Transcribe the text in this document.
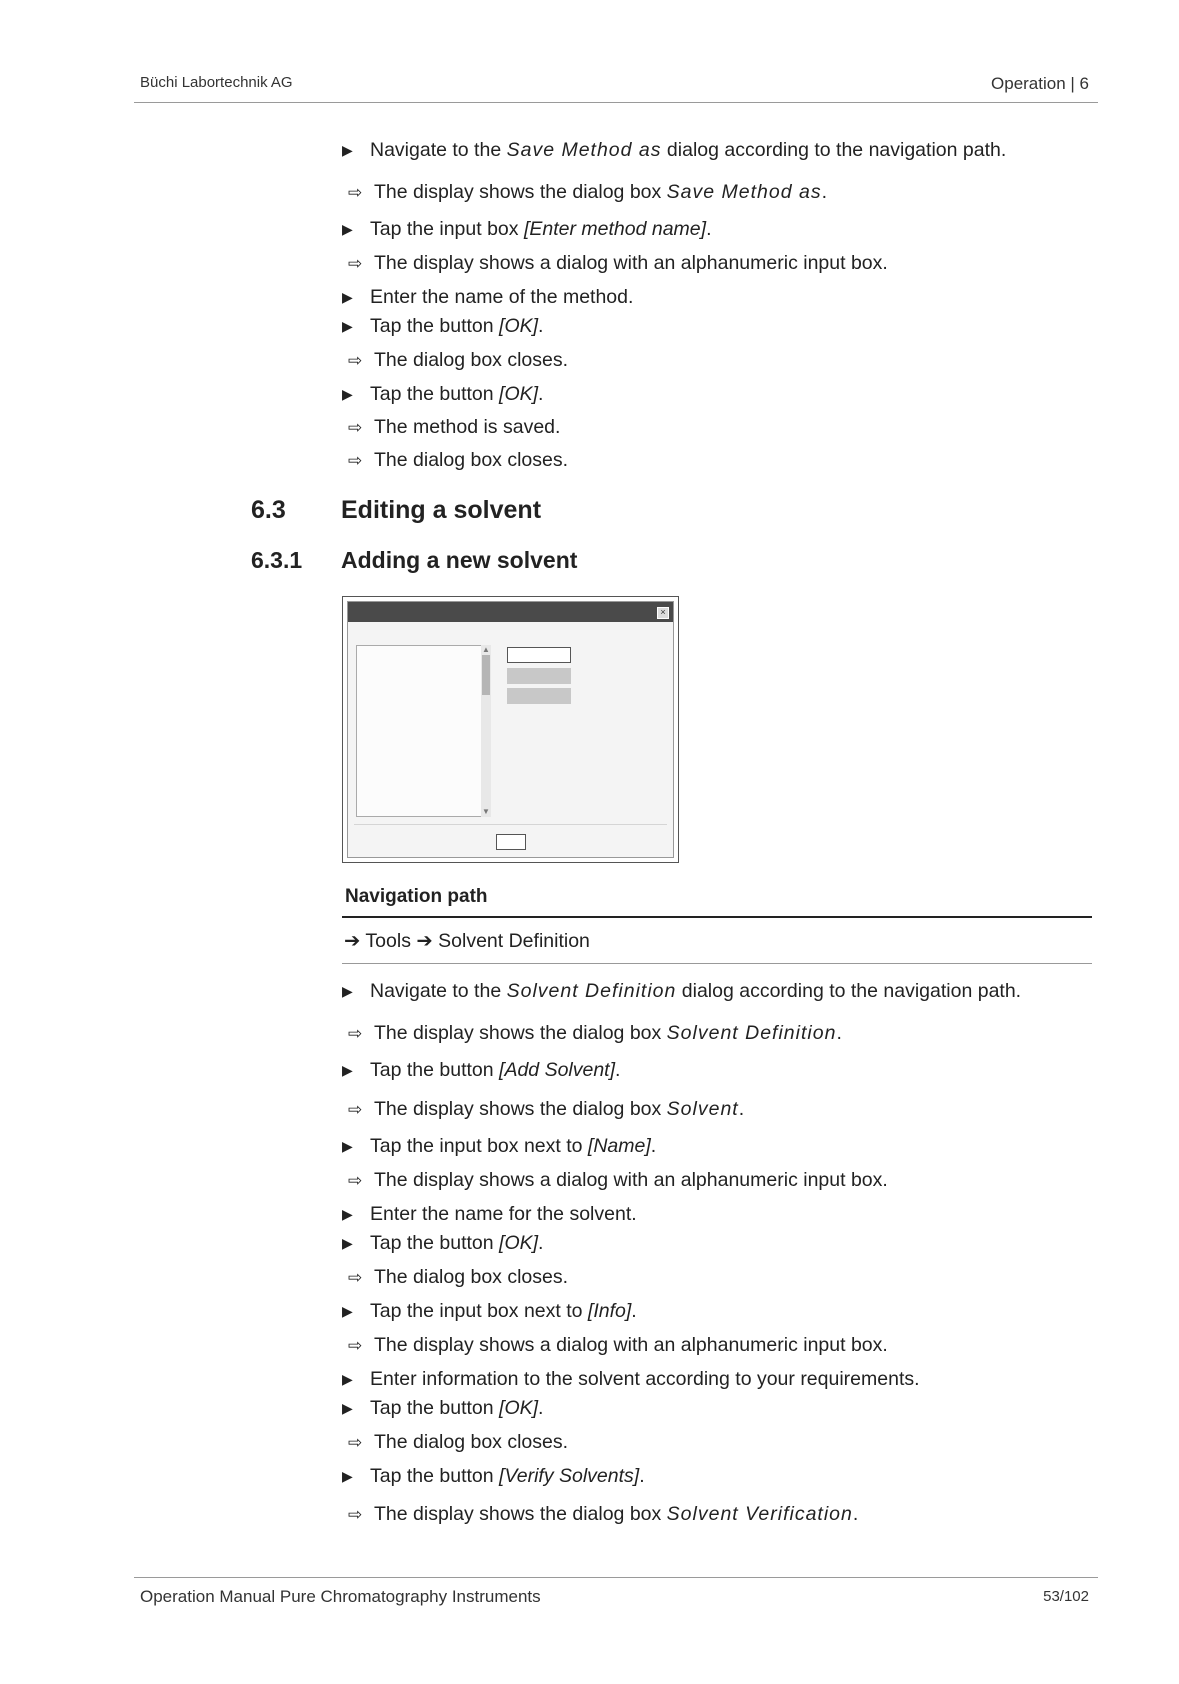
Büchi Labortechnik AG	Operation | 6
▶ Navigate to the Save Method as dialog according to the navigation path.
⇨ The display shows the dialog box Save Method as.
▶ Tap the input box [Enter method name].
⇨ The display shows a dialog with an alphanumeric input box.
▶ Enter the name of the method.
▶ Tap the button [OK].
⇨ The dialog box closes.
▶ Tap the button [OK].
⇨ The method is saved.
⇨ The dialog box closes.
6.3 Editing a solvent
6.3.1 Adding a new solvent
×
▲
▼
Navigation path
➔ Tools ➔ Solvent Definition
▶ Navigate to the Solvent Definition dialog according to the navigation path.
⇨ The display shows the dialog box Solvent Definition.
▶ Tap the button [Add Solvent].
⇨ The display shows the dialog box Solvent.
▶ Tap the input box next to [Name].
⇨ The display shows a dialog with an alphanumeric input box.
▶ Enter the name for the solvent.
▶ Tap the button [OK].
⇨ The dialog box closes.
▶ Tap the input box next to [Info].
⇨ The display shows a dialog with an alphanumeric input box.
▶ Enter information to the solvent according to your requirements.
▶ Tap the button [OK].
⇨ The dialog box closes.
▶ Tap the button [Verify Solvents].
⇨ The display shows the dialog box Solvent Verification.
Operation Manual Pure Chromatography Instruments	53/102
